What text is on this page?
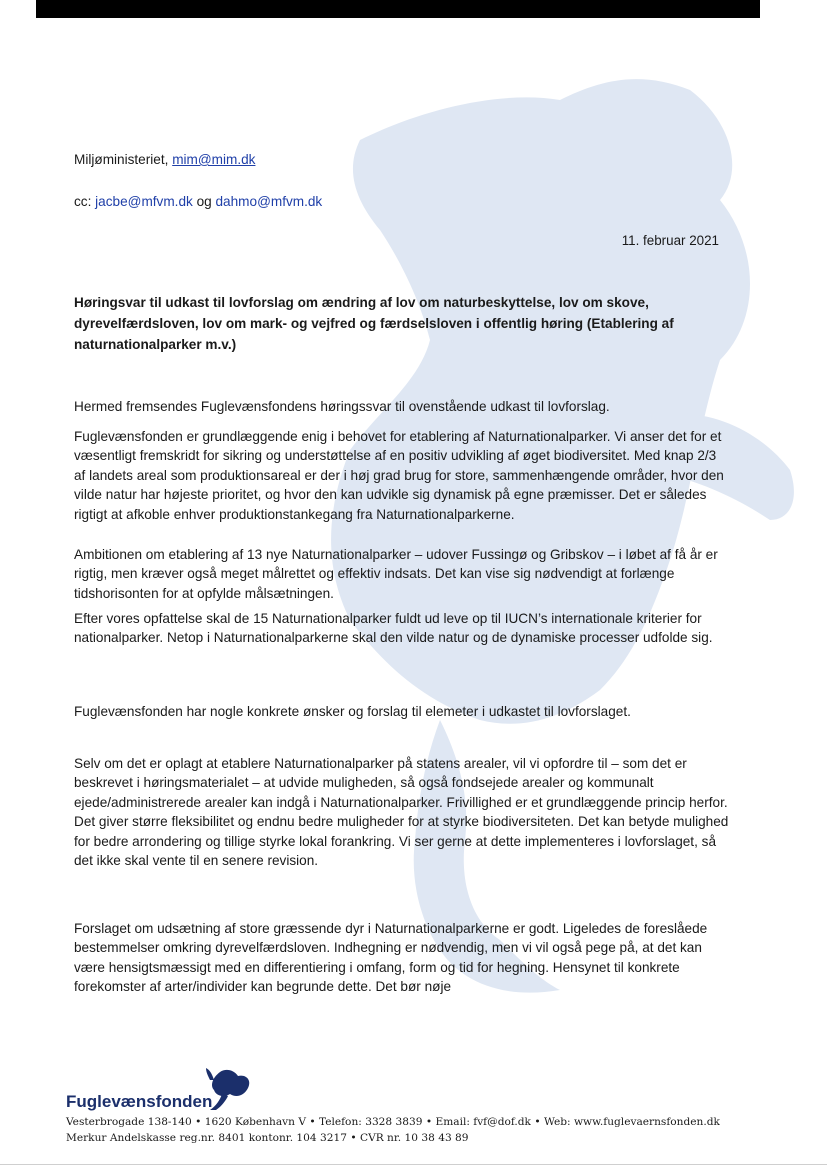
Miljøministeriet, mim@mim.dk
cc: jacbe@mfvm.dk og dahmo@mfvm.dk
11. februar 2021
Høringsvar til udkast til lovforslag om ændring af lov om naturbeskyttelse, lov om skove, dyrevelfærdsloven, lov om mark- og vejfred og færdselsloven i offentlig høring (Etablering af naturnationalparker m.v.)
Hermed fremsendes Fuglevænsfondens høringssvar til ovenstående udkast til lovforslag.
Fuglevænsfonden er grundlæggende enig i behovet for etablering af Naturnationalparker. Vi anser det for et væsentligt fremskridt for sikring og understøttelse af en positiv udvikling af øget biodiversitet. Med knap 2/3 af landets areal som produktionsareal er der i høj grad brug for store, sammenhængende områder, hvor den vilde natur har højeste prioritet, og hvor den kan udvikle sig dynamisk på egne præmisser. Det er således rigtigt at afkoble enhver produktionstankegang fra Naturnationalparkerne.
Ambitionen om etablering af 13 nye Naturnationalparker – udover Fussingø og Gribskov – i løbet af få år er rigtig, men kræver også meget målrettet og effektiv indsats. Det kan vise sig nødvendigt at forlænge tidshorisonten for at opfylde målsætningen.
Efter vores opfattelse skal de 15 Naturnationalparker fuldt ud leve op til IUCN’s internationale kriterier for nationalparker. Netop i Naturnationalparkerne skal den vilde natur og de dynamiske processer udfolde sig.
Fuglevænsfonden har nogle konkrete ønsker og forslag til elemeter i udkastet til lovforslaget.
Selv om det er oplagt at etablere Naturnationalparker på statens arealer, vil vi opfordre til – som det er beskrevet i høringsmaterialet – at udvide muligheden, så også fondsejede arealer og kommunalt ejede/administrerede arealer kan indgå i Naturnationalparker. Frivillighed er et grundlæggende princip herfor. Det giver større fleksibilitet og endnu bedre muligheder for at styrke biodiversiteten. Det kan betyde mulighed for bedre arrondering og tillige styrke lokal forankring. Vi ser gerne at dette implementeres i lovforslaget, så det ikke skal vente til en senere revision.
Forslaget om udsætning af store græssende dyr i Naturnationalparkerne er godt. Ligeledes de foreslåede bestemmelser omkring dyrevelfærdsloven. Indhegning er nødvendig, men vi vil også pege på, at det kan være hensigtsmæssigt med en differentiering i omfang, form og tid for hegning. Hensynet til konkrete forekomster af arter/individer kan begrunde dette. Det bør nøje
Fuglevænsfonden
Vesterbrogade 138-140 • 1620 København V • Telefon: 3328 3839 • Email: fvf@dof.dk • Web: www.fuglevaernsfonden.dk
Merkur Andelskasse reg.nr. 8401 kontonr. 104 3217 • CVR nr. 10 38 43 89
